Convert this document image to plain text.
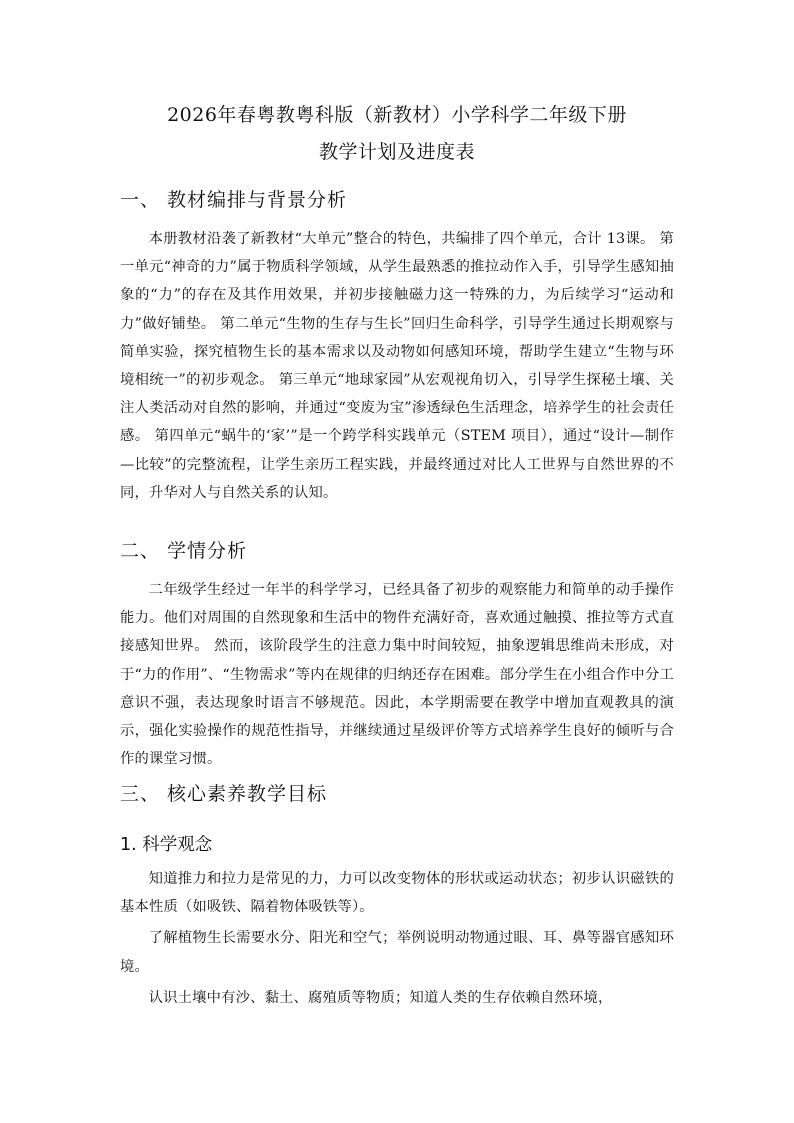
2026年春粤教粤科版（新教材）小学科学二年级下册
教学计划及进度表
一、 教材编排与背景分析

本册教材沿袭了新教材“大单元”整合的特色，共编排了四个单元，合计 13课。 第一单元“神奇的力”属于物质科学领域，从学生最熟悉的推拉动作入手，引导学生感知抽象的“力”的存在及其作用效果，并初步接触磁力这一特殊的力，为后续学习“运动和力”做好铺垫。 第二单元“生物的生存与生长”回归生命科学，引导学生通过长期观察与简单实验，探究植物生长的基本需求以及动物如何感知环境，帮助学生建立“生物与环境相统一”的初步观念。 第三单元“地球家园”从宏观视角切入，引导学生探秘土壤、关注人类活动对自然的影响，并通过“变废为宝”渗透绿色生活理念，培养学生的社会责任感。 第四单元“蜗牛的‘家’”是一个跨学科实践单元（STEM 项目），通过“设计—制作—比较”的完整流程，让学生亲历工程实践，并最终通过对比人工世界与自然世界的不同，升华对人与自然关系的认知。

二、 学情分析

二年级学生经过一年半的科学学习，已经具备了初步的观察能力和简单的动手操作能力。他们对周围的自然现象和生活中的物件充满好奇，喜欢通过触摸、推拉等方式直接感知世界。 然而，该阶段学生的注意力集中时间较短，抽象逻辑思维尚未形成，对于“力的作用”、“生物需求”等内在规律的归纳还存在困难。部分学生在小组合作中分工意识不强，表达现象时语言不够规范。因此，本学期需要在教学中增加直观教具的演示，强化实验操作的规范性指导，并继续通过星级评价等方式培养学生良好的倾听与合作的课堂习惯。

三、 核心素养教学目标
1. 科学观念

知道推力和拉力是常见的力，力可以改变物体的形状或运动状态；初步认识磁铁的基本性质（如吸铁、隔着物体吸铁等）。

了解植物生长需要水分、阳光和空气；举例说明动物通过眼、耳、鼻等器官感知环境。

认识土壤中有沙、黏土、腐殖质等物质；知道人类的生存依赖自然环境，
